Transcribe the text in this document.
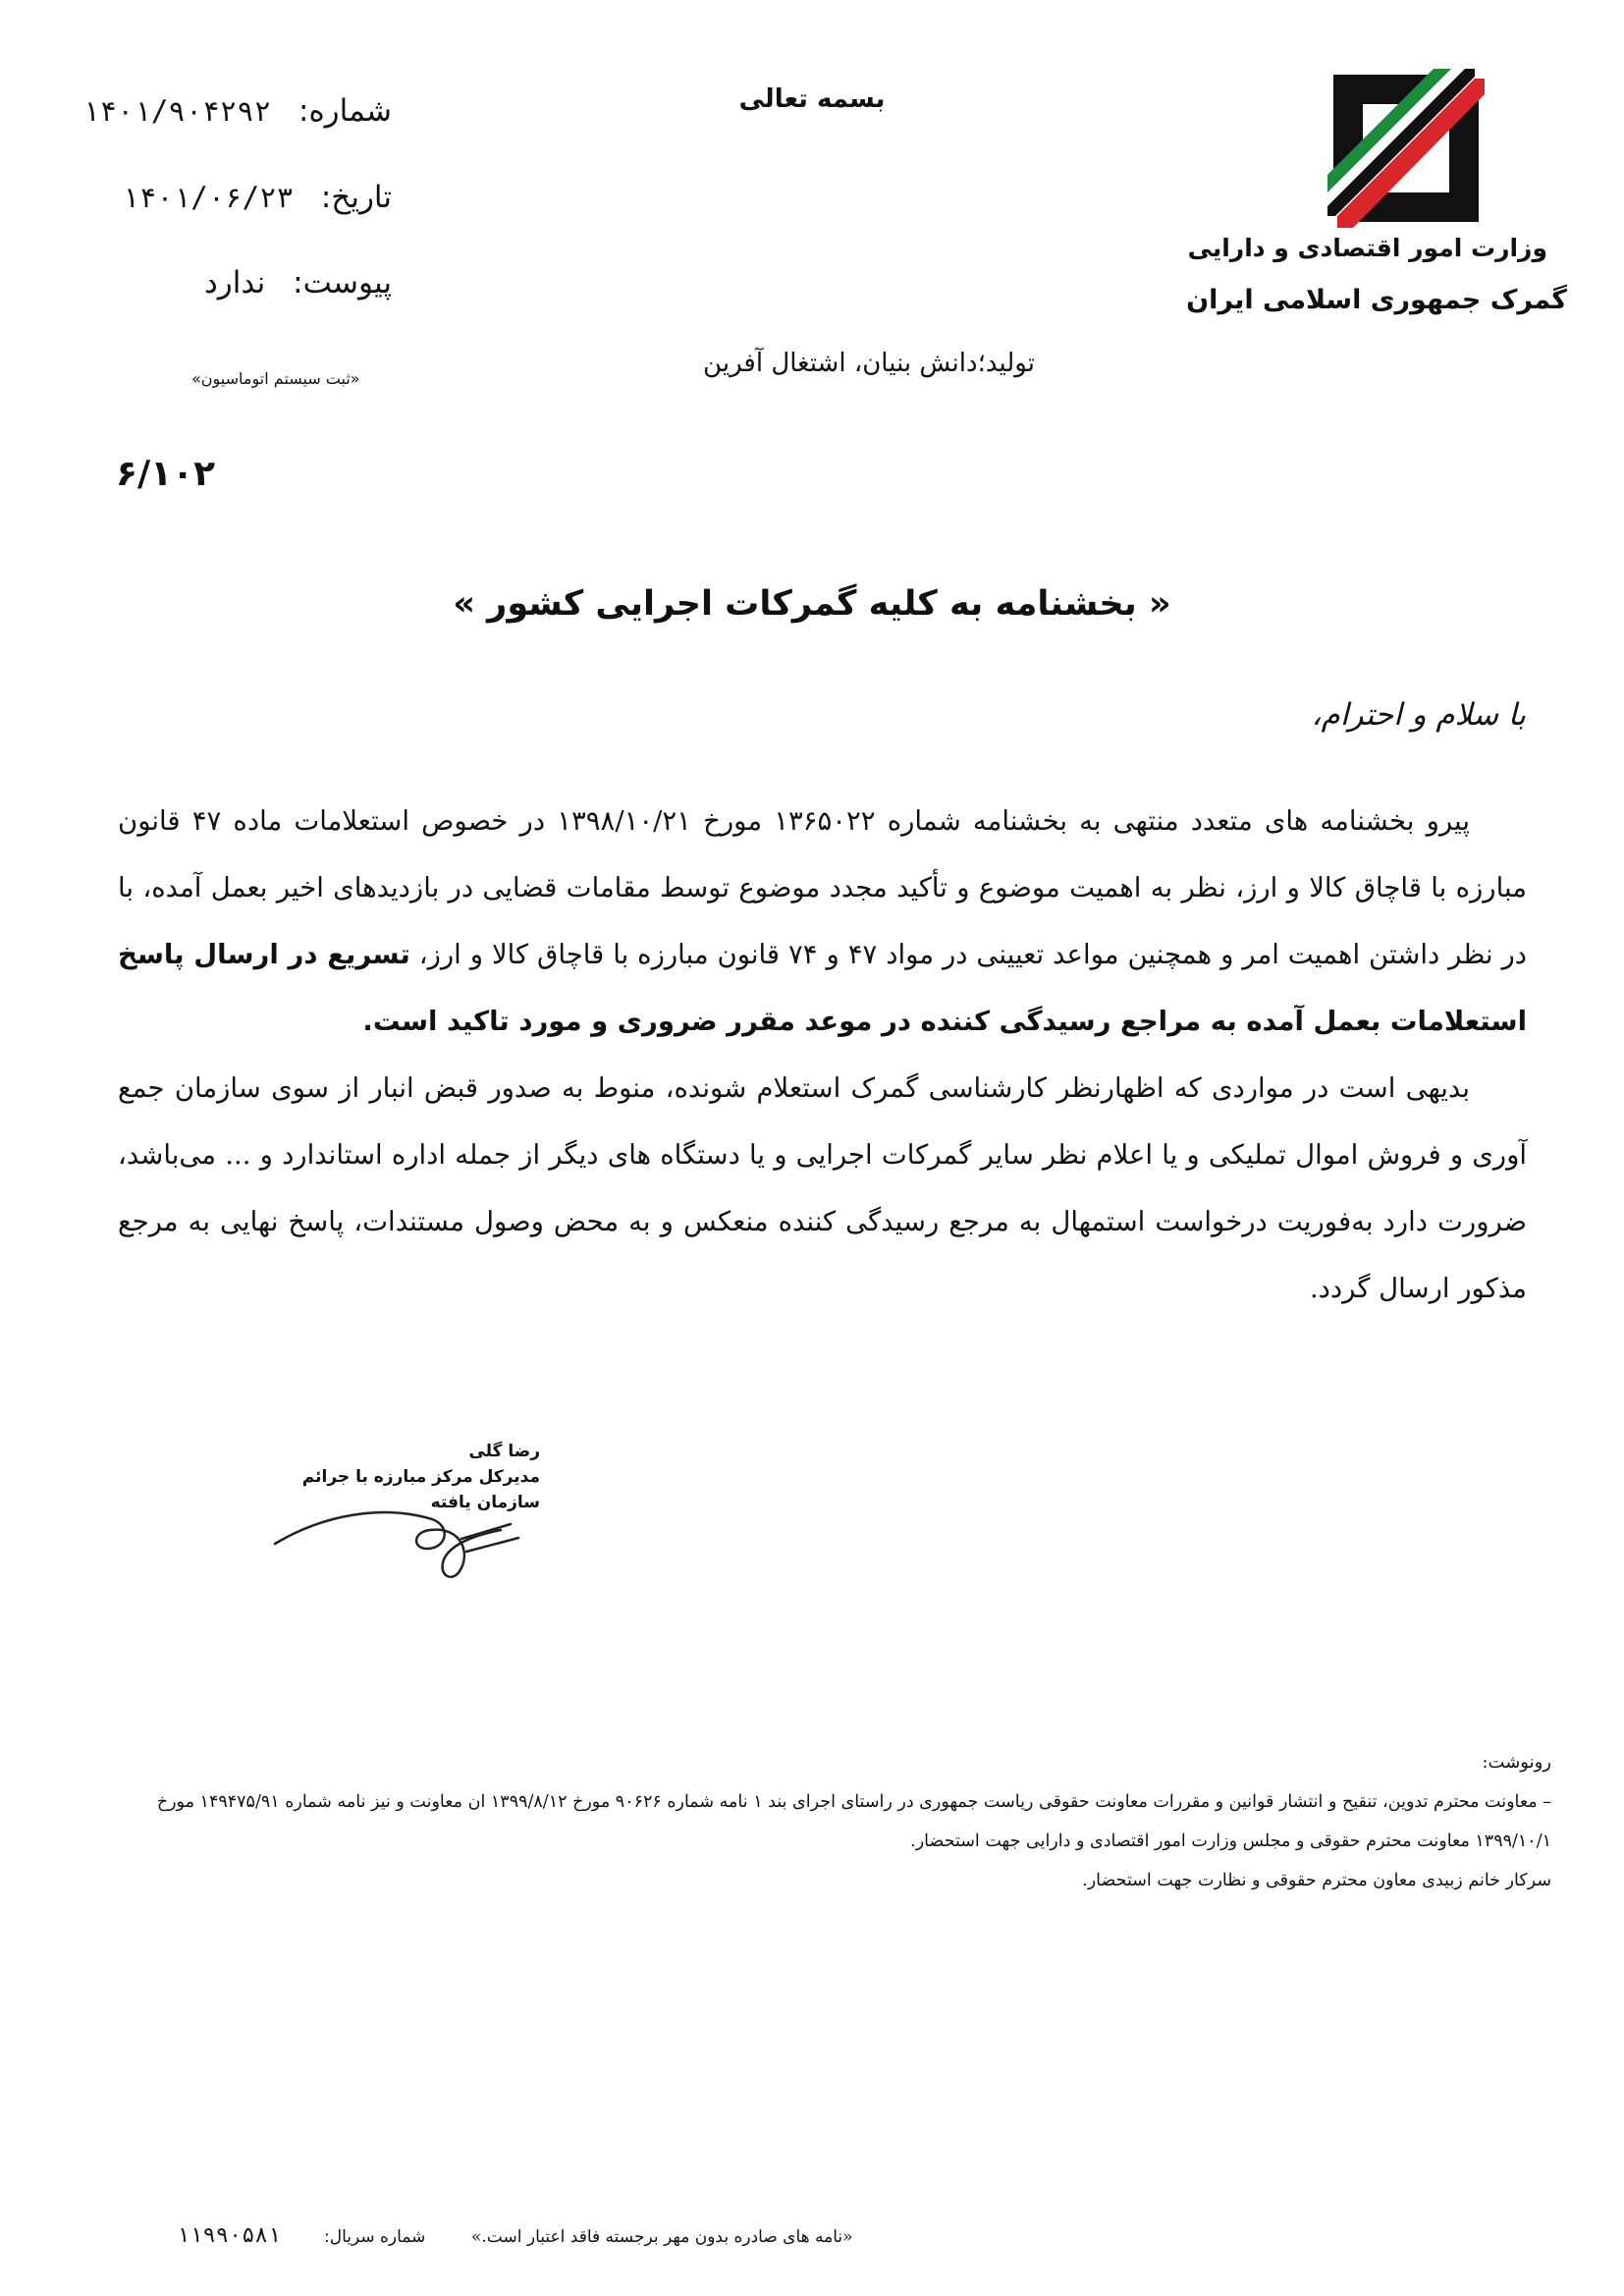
وزارت امور اقتصادی و دارایی
گمرک جمهوری اسلامی ایران
بسمه تعالی
تولید؛دانش بنیان، اشتغال آفرین
شماره: ۱۴۰۱/۹۰۴۲۹۲
تاریخ: ۱۴۰۱/۰۶/۲۳
پیوست: ندارد
«ثبت سیستم اتوماسیون»
۶/۱۰۲
« بخشنامه به کلیه گمرکات اجرایی کشور »
با سلام و احترام،

پیرو بخشنامه های متعدد منتهی به بخشنامه شماره ۱۳۶۵۰۲۲ مورخ ۱۳۹۸/۱۰/۲۱ در خصوص استعلامات ماده ۴۷ قانون مبارزه با قاچاق کالا و ارز، نظر به اهمیت موضوع و تأکید مجدد موضوع توسط مقامات قضایی در بازدیدهای اخیر بعمل آمده، با در نظر داشتن اهمیت امر و همچنین مواعد تعیینی در مواد ۴۷ و ۷۴ قانون مبارزه با قاچاق کالا و ارز، تسریع در ارسال پاسخ استعلامات بعمل آمده به مراجع رسیدگی کننده در موعد مقرر ضروری و مورد تاکید است.

بدیهی است در مواردی که اظهارنظر کارشناسی گمرک استعلام شونده، منوط به صدور قبض انبار از سوی سازمان جمع آوری و فروش اموال تملیکی و یا اعلام نظر سایر گمرکات اجرایی و یا دستگاه های دیگر از جمله اداره استاندارد و ... می‌باشد، ضرورت دارد به‌فوریت درخواست استمهال به مرجع رسیدگی کننده منعکس و به محض وصول مستندات، پاسخ نهایی به مرجع مذکور ارسال گردد.

رضا گلی
مدیرکل مرکز مبارزه با جرائم سازمان یافته

رونوشت:

– معاونت محترم تدوین، تنقیح و انتشار قوانین و مقررات معاونت حقوقی ریاست جمهوری در راستای اجرای بند ۱ نامه شماره ۹۰۶۲۶ مورخ ۱۳۹۹/۸/۱۲ ان معاونت و نیز نامه شماره ۱۴۹۴۷۵/۹۱ مورخ

۱۳۹۹/۱۰/۱ معاونت محترم حقوقی و مجلس وزارت امور اقتصادی و دارایی جهت استحضار.

سرکار خانم زبیدی معاون محترم حقوقی و نظارت جهت استحضار.

«نامه های صادره بدون مهر برجسته فاقد اعتبار است.»
شماره سریال:
۱۱۹۹۰۵۸۱
